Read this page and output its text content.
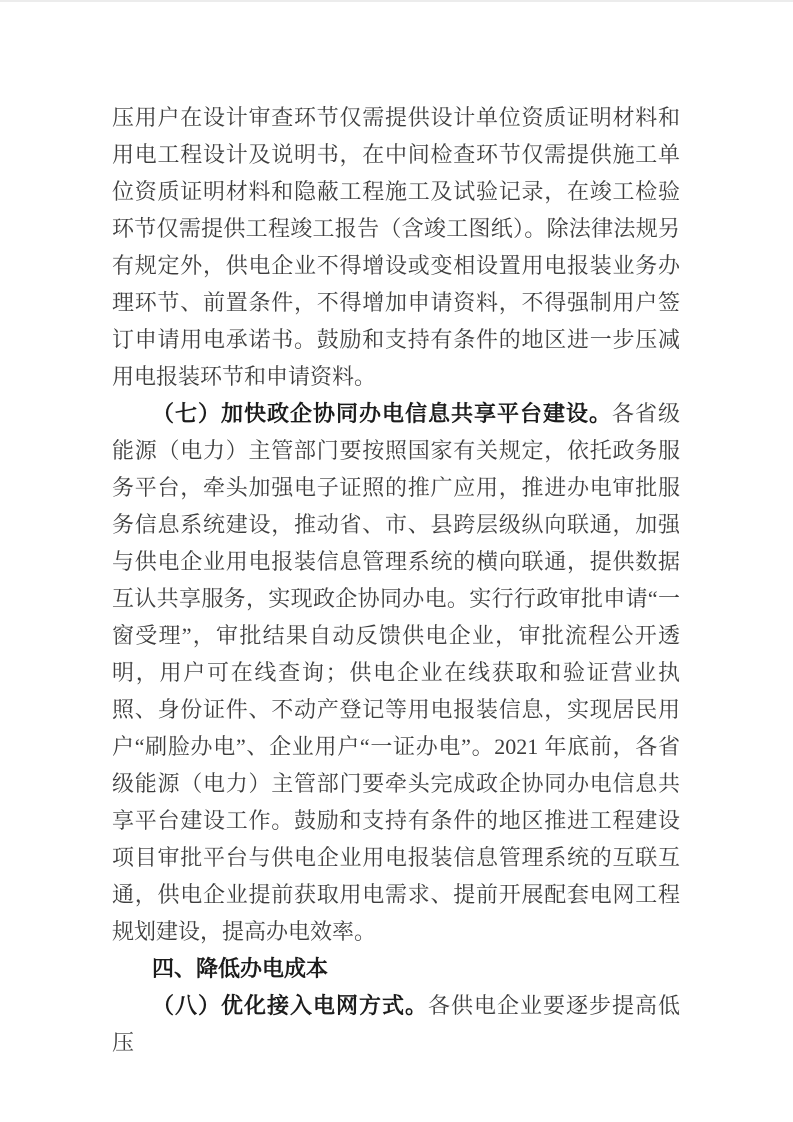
压用户在设计审查环节仅需提供设计单位资质证明材料和用电工程设计及说明书，在中间检查环节仅需提供施工单位资质证明材料和隐蔽工程施工及试验记录，在竣工检验环节仅需提供工程竣工报告（含竣工图纸）。除法律法规另有规定外，供电企业不得增设或变相设置用电报装业务办理环节、前置条件，不得增加申请资料，不得强制用户签订申请用电承诺书。鼓励和支持有条件的地区进一步压减用电报装环节和申请资料。

（七）加快政企协同办电信息共享平台建设。各省级能源（电力）主管部门要按照国家有关规定，依托政务服务平台，牵头加强电子证照的推广应用，推进办电审批服务信息系统建设，推动省、市、县跨层级纵向联通，加强与供电企业用电报装信息管理系统的横向联通，提供数据互认共享服务，实现政企协同办电。实行行政审批申请“一窗受理”，审批结果自动反馈供电企业，审批流程公开透明，用户可在线查询；供电企业在线获取和验证营业执照、身份证件、不动产登记等用电报装信息，实现居民用户“刷脸办电”、企业用户“一证办电”。2021 年底前，各省级能源（电力）主管部门要牵头完成政企协同办电信息共享平台建设工作。鼓励和支持有条件的地区推进工程建设项目审批平台与供电企业用电报装信息管理系统的互联互通，供电企业提前获取用电需求、提前开展配套电网工程规划建设，提高办电效率。

四、降低办电成本

（八）优化接入电网方式。各供电企业要逐步提高低压
